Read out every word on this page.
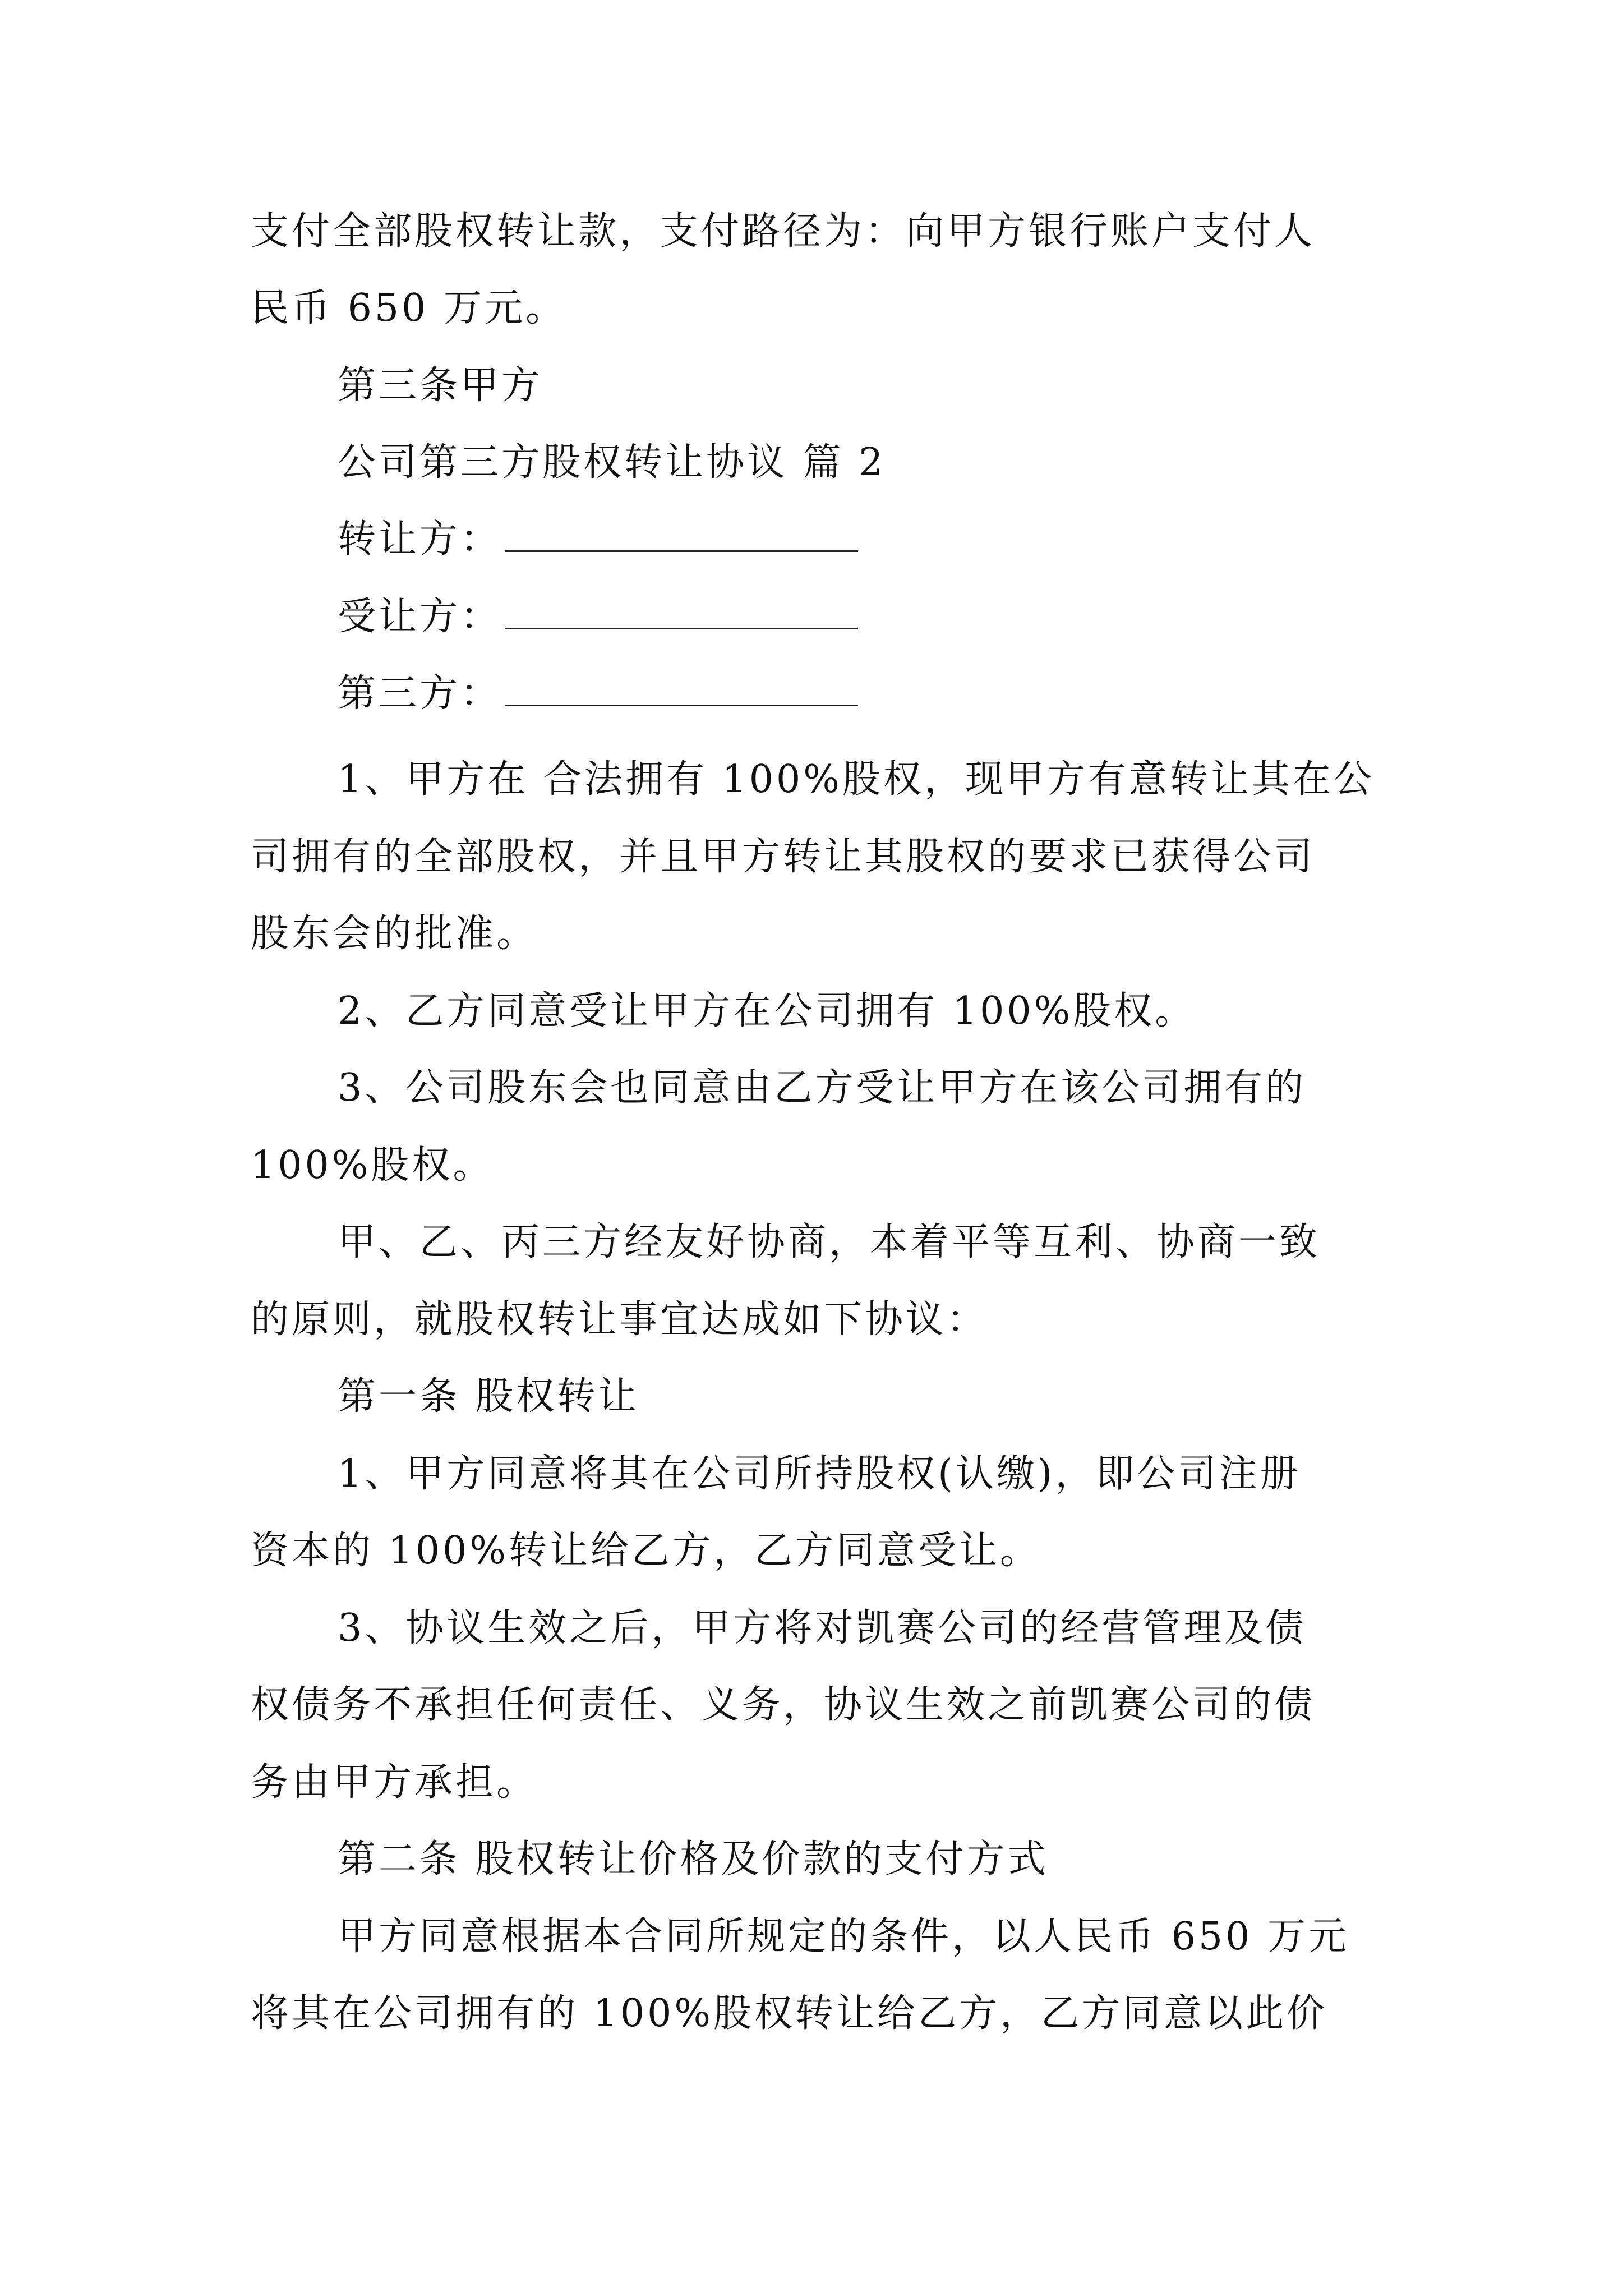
支付全部股权转让款，支付路径为：向甲方银行账户支付人
民币 650 万元。
第三条甲方
公司第三方股权转让协议 篇 2
转让方：
受让方：
第三方：
1、甲方在 合法拥有 100%股权，现甲方有意转让其在公
司拥有的全部股权，并且甲方转让其股权的要求已获得公司
股东会的批准。
2、乙方同意受让甲方在公司拥有 100%股权。
3、公司股东会也同意由乙方受让甲方在该公司拥有的
100%股权。
甲、乙、丙三方经友好协商，本着平等互利、协商一致
的原则，就股权转让事宜达成如下协议：
第一条 股权转让
1、甲方同意将其在公司所持股权(认缴)，即公司注册
资本的 100%转让给乙方，乙方同意受让。
3、协议生效之后，甲方将对凯赛公司的经营管理及债
权债务不承担任何责任、义务，协议生效之前凯赛公司的债
务由甲方承担。
第二条 股权转让价格及价款的支付方式
甲方同意根据本合同所规定的条件，以人民币 650 万元
将其在公司拥有的 100%股权转让给乙方，乙方同意以此价
